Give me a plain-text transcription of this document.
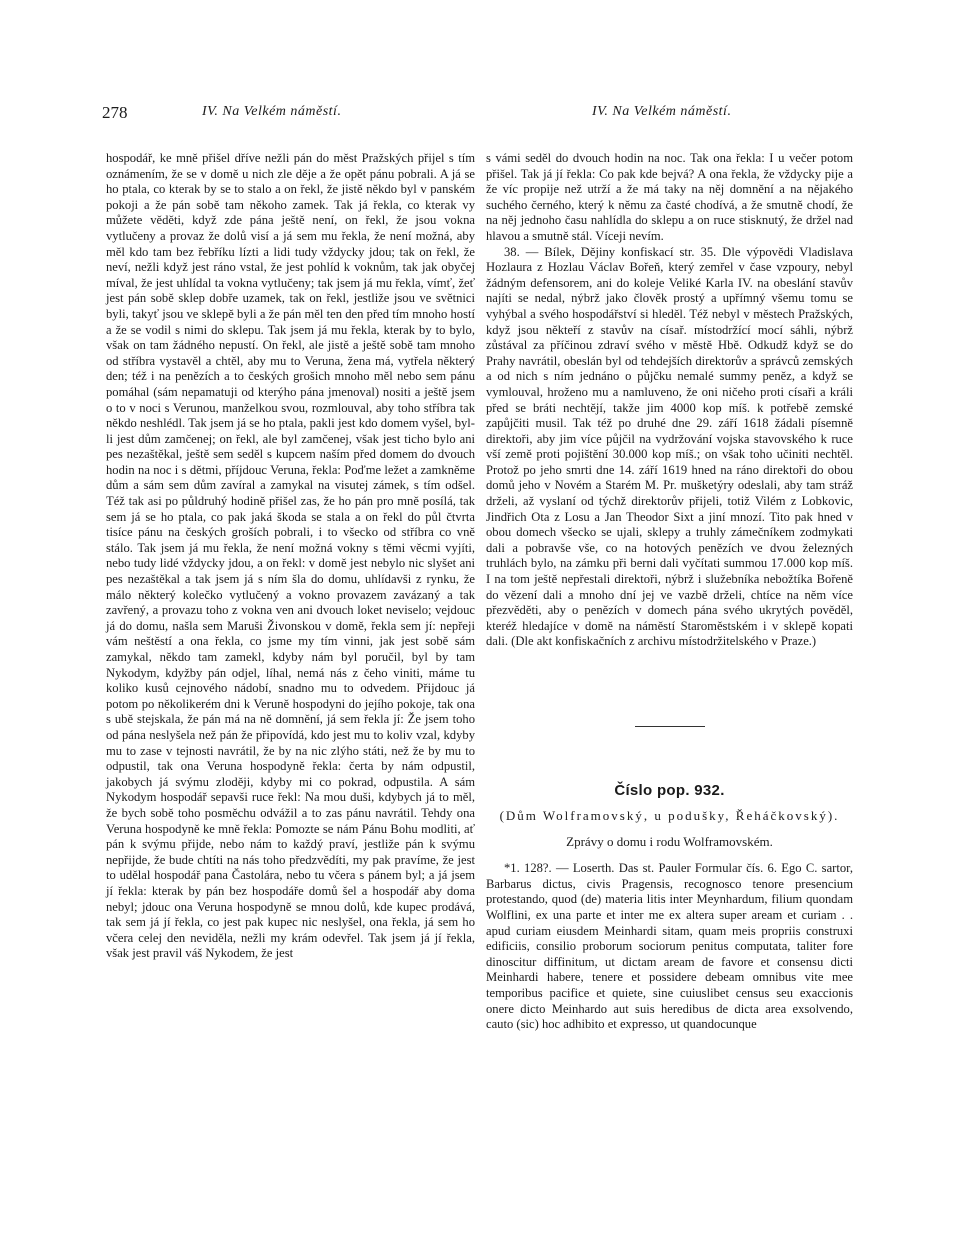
278	IV. Na Velkém náměstí.	IV. Na Velkém náměstí.

hospodář, ke mně přišel dříve nežli pán do měst Pražských přijel s tím oznámením, že se v domě u nich zle děje a že opět pánu pobrali. A já se ho ptala, co kterak by se to stalo a on řekl, že jistě někdo byl v panském pokoji a že pán sobě tam někoho zamek. Tak já řekla, co kterak vy můžete věděti, když zde pána ještě není, on řekl, že jsou vokna vytlučeny a provaz že dolů visí a já sem mu řekla, že není možná, aby měl kdo tam bez řebříku lízti a lidi tudy vždycky jdou; tak on řekl, že neví, nežli když jest ráno vstal, že jest pohlíd k voknům, tak jak obyčej míval, že jest uhlídal ta vokna vytlučeny; tak jsem já mu řekla, vímť, žeť jest pán sobě sklep dobře uzamek, tak on řekl, jestliže jsou ve světnici byli, takyť jsou ve sklepě byli a že pán měl ten den před tím mnoho hostí a že se vodil s nimi do sklepu. Tak jsem já mu řekla, kterak by to bylo, však on tam žádného nepustí. On řekl, ale jistě a ještě sobě tam mnoho od stříbra vystavěl a chtěl, aby mu to Veruna, žena má, vytřela některý den; též i na penězích a to českých grošich mnoho měl nebo sem pánu pomáhal (sám nepamatuji od kterýho pána jmenoval) nositi a ještě jsem o to v noci s Verunou, manželkou svou, rozmlouval, aby toho stříbra tak někdo neshlédl. Tak jsem já se ho ptala, pakli jest kdo domem vyšel, byl-li jest dům zamčenej; on řekl, ale byl zamčenej, však jest ticho bylo ani pes nezaštěkal, ještě sem seděl s kupcem naším před domem do dvouch hodin na noc i s dětmi, příjdouc Veruna, řekla: Poďme ležet a zamkněme dům a sám sem dům zavíral a zamykal na visutej zámek, s tím odšel. Též tak asi po půldruhý hodině přišel zas, že ho pán pro mně posílá, tak sem já se ho ptala, co pak jaká škoda se stala a on řekl do půl čtvrta tisíce pánu na českých groších pobrali, i to všecko od stříbra co vně stálo. Tak jsem já mu řekla, že není možná vokny s těmi věcmi vyjíti, nebo tudy lidé vždycky jdou, a on řekl: v domě jest nebylo nic slyšet ani pes nezaštěkal a tak jsem já s ním šla do domu, uhlídavši z rynku, že málo některý kolečko vytlučený a vokno provazem zavázaný a tak zavřený, a provazu toho z vokna ven ani dvouch loket neviselo; vejdouc já do domu, našla sem Maruši Živonskou v domě, řekla sem jí: nepřeji vám neštěstí a ona řekla, co jsme my tím vinni, jak jest sobě sám zamykal, někdo tam zamekl, kdyby nám byl poručil, byl by tam Nykodym, kdyžby pán odjel, líhal, nemá nás z čeho viniti, máme tu koliko kusů cejnového nádobí, snadno mu to odvedem. Přijdouc já potom po několikerém dni k Veruně hospodyni do jejího pokoje, tak ona s ubě stejskala, že pán má na ně domnění, já sem řekla jí: Že jsem toho od pána neslyšela než pán že připovídá, kdo jest mu to koliv vzal, kdyby mu to zase v tejnosti navrátil, že by na nic zlýho státi, než že by mu to odpustil, tak ona Veruna hospodyně řekla: čerta by nám odpustil, jakobych já svýmu zloději, kdyby mi co pokrad, odpustila. A sám Nykodym hospodář sepavši ruce řekl: Na mou duši, kdybych já to měl, že bych sobě toho posměchu odvážil a to zas pánu navrátil. Tehdy ona Veruna hospodyně ke mně řekla: Pomozte se nám Pánu Bohu modliti, ať pán k svýmu přijde, nebo nám to každý praví, jestliže pán k svýmu nepřijde, že bude chtíti na nás toho předzvědíti, my pak pravíme, že jest to udělal hospodář pana Častolára, nebo tu včera s pánem byl; a já jsem jí řekla: kterak by pán bez hospodáře domů šel a hospodář aby doma nebyl; jdouc ona Veruna hospodyně se mnou dolů, kde kupec prodává, tak sem já jí řekla, co jest pak kupec nic neslyšel, ona řekla, já sem ho včera celej den neviděla, nežli my krám odevřel. Tak jsem já jí řekla, však jest pravil váš Nykodem, že jest

s vámi seděl do dvouch hodin na noc. Tak ona řekla: I u večer potom přišel. Tak já jí řekla: Co pak kde bejvá? A ona řekla, že vždycky pije a že víc propije než utrží a že má taky na něj domnění a na nějakého suchého černého, který k němu za časté chodívá, a že smutně chodí, že na něj jednoho času nahlídla do sklepu a on ruce stisknutý, že držel nad hlavou a smutně stál. Víceji nevím.

38. — Bílek, Dějiny konfiskací str. 35. Dle výpovědi Vladislava Hozlaura z Hozlau Václav Bořeň, který zemřel v čase vzpoury, nebyl žádným defensorem, ani do koleje Veliké Karla IV. na obeslání stavův najíti se nedal, nýbrž jako člověk prostý a upřímný všemu tomu se vyhýbal a svého hospodářství si hleděl. Též nebyl v městech Pražských, když jsou někteří z stavův na císař. místodržící mocí sáhli, nýbrž zůstával za příčinou zdraví svého v městě Hbě. Odkudž když se do Prahy navrátil, obeslán byl od tehdejších direktorův a správců zemských a od nich s ním jednáno o půjčku nemalé summy peněz, a když se vymlouval, hroženo mu a namluveno, že oni ničeho proti císaři a králi před se bráti nechtějí, takže jim 4000 kop míš. k potřebě zemské zapůjčiti musil. Tak též po druhé dne 29. září 1618 žádali písemně direktoři, aby jim více půjčil na vydržování vojska stavovského k ruce vší země proti pojištění 30.000 kop míš.; on však toho učiniti nechtěl. Protož po jeho smrti dne 14. září 1619 hned na ráno direktoři do obou domů jeho v Novém a Starém M. Pr. mušketýry odeslali, aby tam stráž drželi, až vyslaní od týchž direktorův přijeli, totiž Vilém z Lobkovic, Jindřich Ota z Losu a Jan Theodor Sixt a jiní mnozí. Tito pak hned v obou domech všecko se ujali, sklepy a truhly zámečníkem zodmykati dali a pobravše vše, co na hotových penězích ve dvou železných truhlách bylo, na zámku při berni dali vyčítati summou 17.000 kop míš. I na tom ještě nepřestali direktoři, nýbrž i služebníka nebožtíka Bořeně do vězení dali a mnoho dní jej ve vazbě drželi, chtíce na něm více přezvěděti, aby o penězích v domech pána svého ukrytých pověděl, kteréž hledajíce v domě na náměstí Staroměstském i v sklepě kopati dali. (Dle akt konfiskačních z archivu místodržitelského v Praze.)

Číslo pop. 932.
(Dům Wolframovský, u podušky, Řeháčkovský).
Zprávy o domu i rodu Wolframovském.

*1. 128?. — Loserth. Das st. Pauler Formular čís. 6. Ego C. sartor, Barbarus dictus, civis Pragensis, recognosco tenore presencium protestando, quod (de) materia litis inter Meynhardum, filium quondam Wolflini, ex una parte et inter me ex altera super aream et curiam . . apud curiam eiusdem Meinhardi sitam, quam meis propriis construxi edificiis, consilio proborum sociorum penitus computata, taliter fore dinoscitur diffinitum, ut dictam aream de favore et consensu dicti Meinhardi habere, tenere et possidere debeam omnibus vite mee temporibus pacifice et quiete, sine cuiuslibet census seu exaccionis onere dicto Meinhardo aut suis heredibus de dicta area exsolvendo, cauto (sic) hoc adhibito et expresso, ut quandocunque
